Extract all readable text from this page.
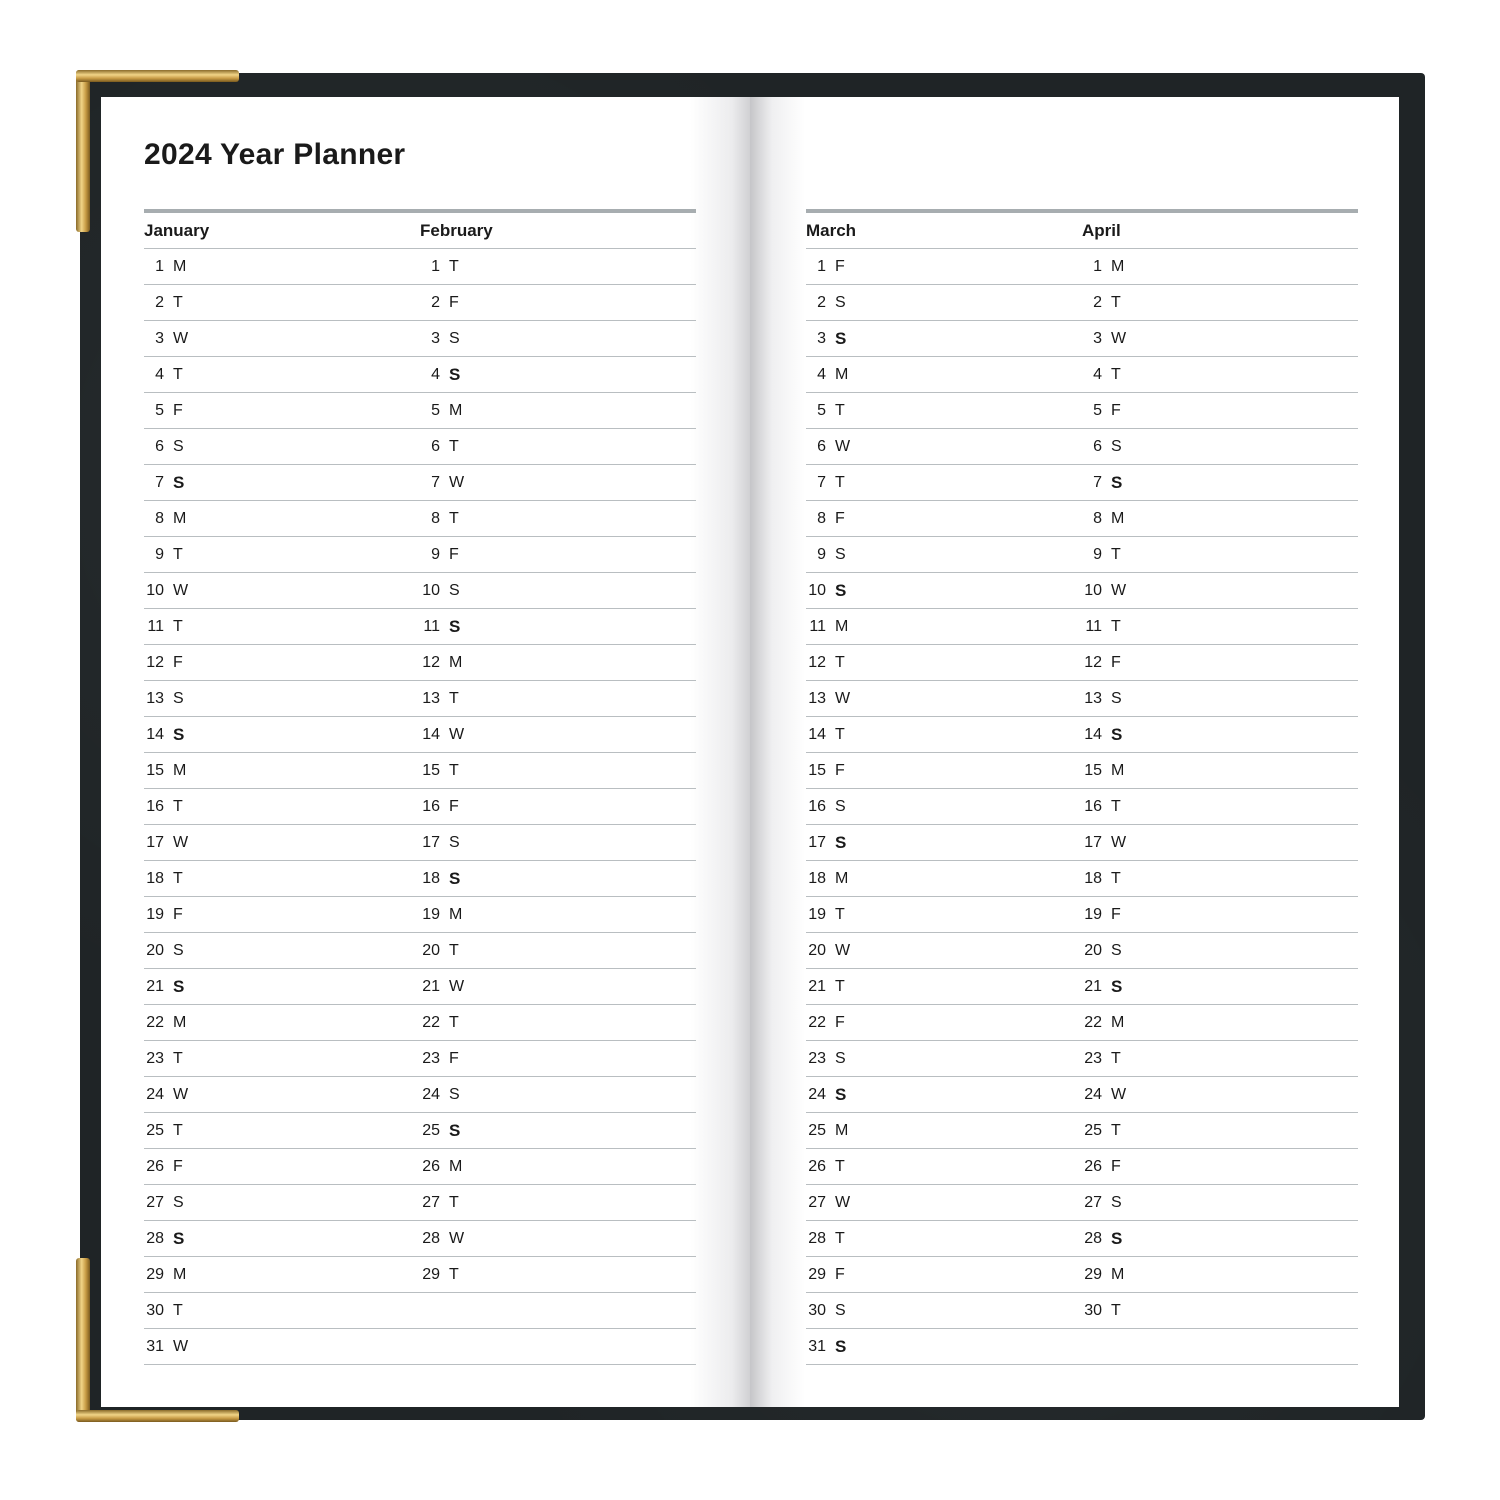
2024 Year Planner
January	February
1 M	1 T
2 T	2 F
3 W	3 S
4 T	4 S
5 F	5 M
6 S	6 T
7 S	7 W
8 M	8 T
9 T	9 F
10 W	10 S
11 T	11 S
12 F	12 M
13 S	13 T
14 S	14 W
15 M	15 T
16 T	16 F
17 W	17 S
18 T	18 S
19 F	19 M
20 S	20 T
21 S	21 W
22 M	22 T
23 T	23 F
24 W	24 S
25 T	25 S
26 F	26 M
27 S	27 T
28 S	28 W
29 M	29 T
30 T
31 W
March	April
1 F	1 M
2 S	2 T
3 S	3 W
4 M	4 T
5 T	5 F
6 W	6 S
7 T	7 S
8 F	8 M
9 S	9 T
10 S	10 W
11 M	11 T
12 T	12 F
13 W	13 S
14 T	14 S
15 F	15 M
16 S	16 T
17 S	17 W
18 M	18 T
19 T	19 F
20 W	20 S
21 T	21 S
22 F	22 M
23 S	23 T
24 S	24 W
25 M	25 T
26 T	26 F
27 W	27 S
28 T	28 S
29 F	29 M
30 S	30 T
31 S
